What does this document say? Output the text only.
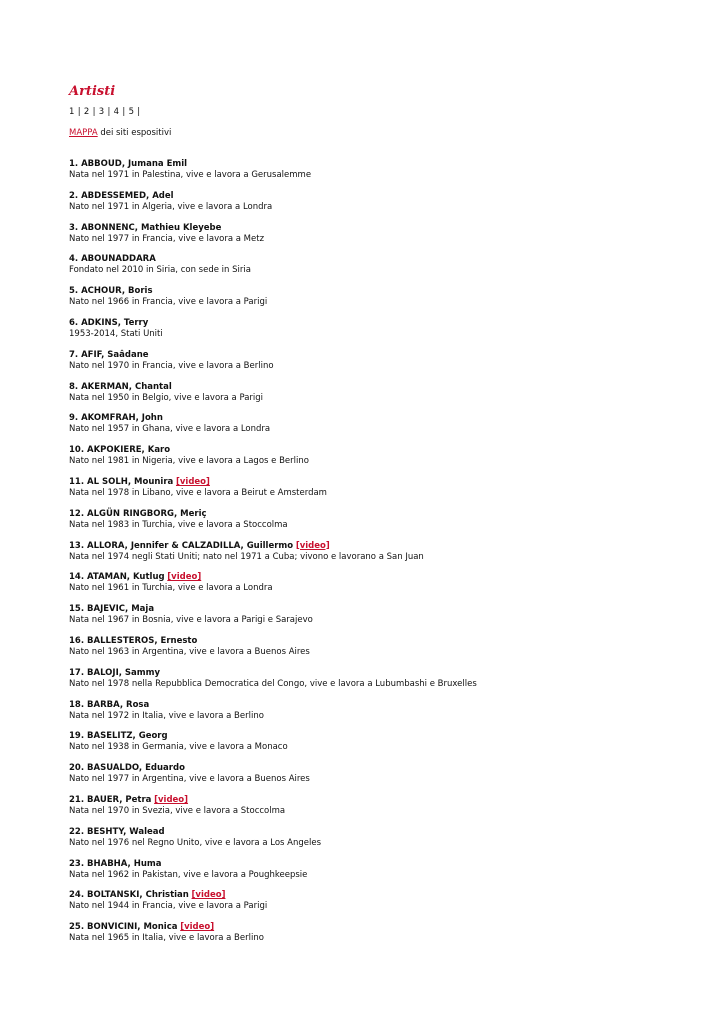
Artisti
1 | 2 | 3 | 4 | 5 |
MAPPA dei siti espositivi
1. ABBOUD, Jumana Emil
Nata nel 1971 in Palestina, vive e lavora a Gerusalemme
2. ABDESSEMED, Adel
Nato nel 1971 in Algeria, vive e lavora a Londra
3. ABONNENC, Mathieu Kleyebe
Nato nel 1977 in Francia, vive e lavora a Metz
4. ABOUNADDARA
Fondato nel 2010 in Siria, con sede in Siria
5. ACHOUR, Boris
Nato nel 1966 in Francia, vive e lavora a Parigi
6. ADKINS, Terry
1953-2014, Stati Uniti
7. AFIF, Saâdane
Nato nel 1970 in Francia, vive e lavora a Berlino
8. AKERMAN, Chantal
Nata nel 1950 in Belgio, vive e lavora a Parigi
9. AKOMFRAH, John
Nato nel 1957 in Ghana, vive e lavora a Londra
10. AKPOKIERE, Karo
Nato nel 1981 in Nigeria, vive e lavora a Lagos e Berlino
11. AL SOLH, Mounira [video]
Nata nel 1978 in Libano, vive e lavora a Beirut e Amsterdam
12. ALGÜN RINGBORG, Meriç
Nata nel 1983 in Turchia, vive e lavora a Stoccolma
13. ALLORA, Jennifer & CALZADILLA, Guillermo [video]
Nata nel 1974 negli Stati Uniti; nato nel 1971 a Cuba; vivono e lavorano a San Juan
14. ATAMAN, Kutlug [video]
Nato nel 1961 in Turchia, vive e lavora a Londra
15. BAJEVIC, Maja
Nata nel 1967 in Bosnia, vive e lavora a Parigi e Sarajevo
16. BALLESTEROS, Ernesto
Nato nel 1963 in Argentina, vive e lavora a Buenos Aires
17. BALOJI, Sammy
Nato nel 1978 nella Repubblica Democratica del Congo, vive e lavora a Lubumbashi e Bruxelles
18. BARBA, Rosa
Nata nel 1972 in Italia, vive e lavora a Berlino
19. BASELITZ, Georg
Nato nel 1938 in Germania, vive e lavora a Monaco
20. BASUALDO, Eduardo
Nato nel 1977 in Argentina, vive e lavora a Buenos Aires
21. BAUER, Petra [video]
Nata nel 1970 in Svezia, vive e lavora a Stoccolma
22. BESHTY, Walead
Nato nel 1976 nel Regno Unito, vive e lavora a Los Angeles
23. BHABHA, Huma
Nata nel 1962 in Pakistan, vive e lavora a Poughkeepsie
24. BOLTANSKI, Christian [video]
Nato nel 1944 in Francia, vive e lavora a Parigi
25. BONVICINI, Monica [video]
Nata nel 1965 in Italia, vive e lavora a Berlino
